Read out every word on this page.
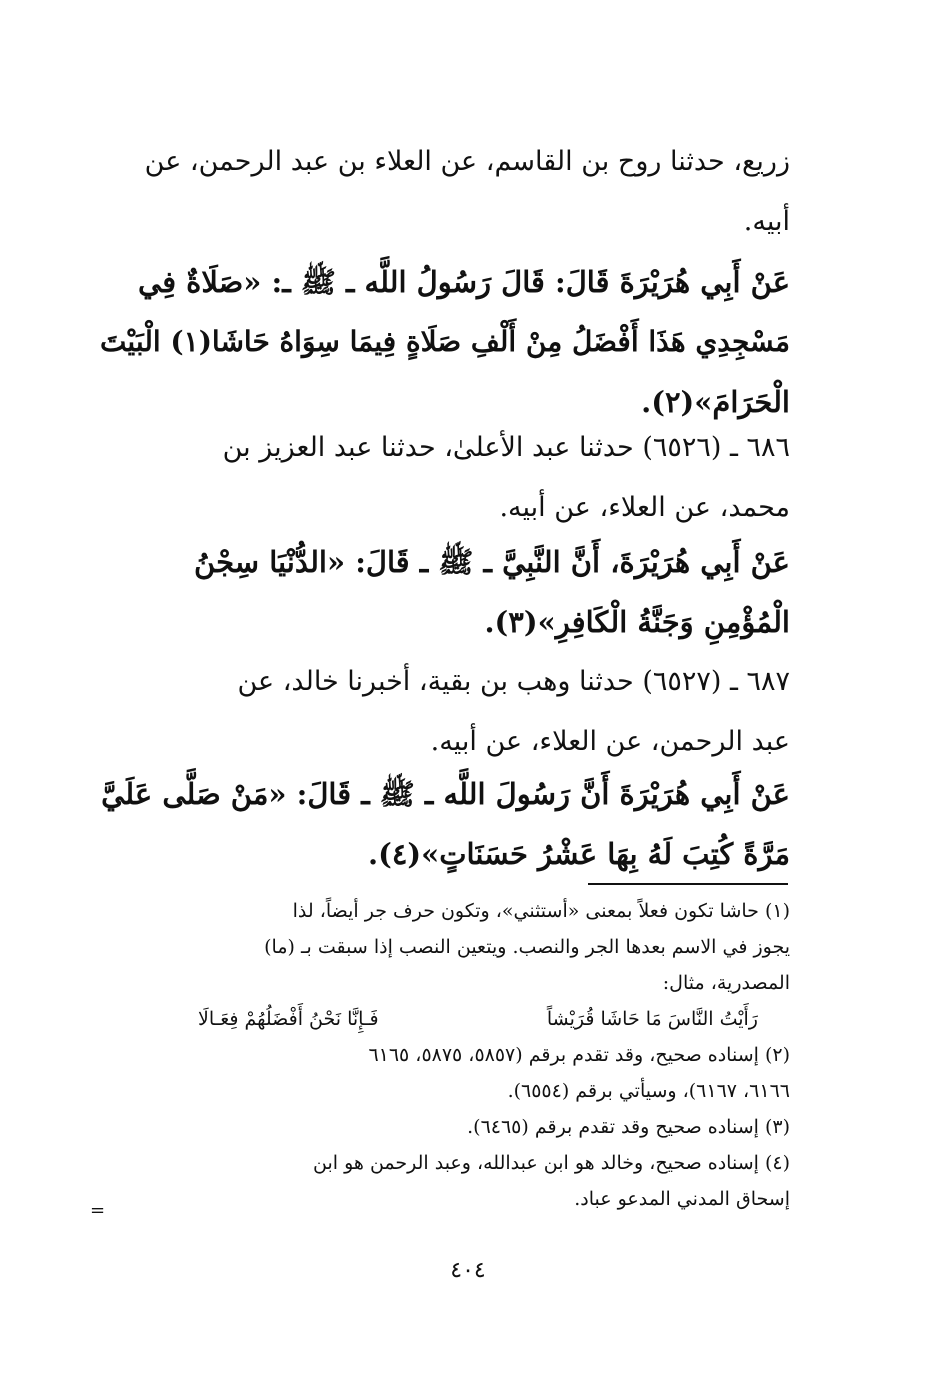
زريع، حدثنا روح بن القاسم، عن العلاء بن عبد الرحمن، عن
أبيه.
عَنْ أَبِي هُرَيْرَةَ قَالَ: قَالَ رَسُولُ اللَّه ـ ﷺ ـ: «صَلَاةٌ فِي
مَسْجِدِي هَذَا أَفْضَلُ مِنْ أَلْفِ صَلَاةٍ فِيمَا سِوَاهُ حَاشَا(١) الْبَيْتَ
الْحَرَامَ»(٢).
٦٨٦ ـ (٦٥٢٦) حدثنا عبد الأعلىٰ، حدثنا عبد العزيز بن
محمد، عن العلاء، عن أبيه.
عَنْ أَبِي هُرَيْرَةَ، أَنَّ النَّبِيَّ ـ ﷺ ـ قَالَ: «الدُّنْيَا سِجْنُ
الْمُؤْمِنِ وَجَنَّةُ الْكَافِرِ»(٣).
٦٨٧ ـ (٦٥٢٧) حدثنا وهب بن بقية، أخبرنا خالد، عن
عبد الرحمن، عن العلاء، عن أبيه.
عَنْ أَبِي هُرَيْرَةَ أَنَّ رَسُولَ اللَّه ـ ﷺ ـ قَالَ: «مَنْ صَلَّى عَلَيَّ
مَرَّةً كُتِبَ لَهُ بِهَا عَشْرُ حَسَنَاتٍ»(٤).
(١) حاشا تكون فعلاً بمعنى «أستثني»، وتكون حرف جر أيضاً، لذا
يجوز في الاسم بعدها الجر والنصب. ويتعين النصب إذا سبقت بـ (ما)
المصدرية، مثال:
رَأَيْتُ النَّاسَ مَا حَاشَا قُرَيْشاً
فَـإِنَّا نَحْنُ أَفْضَلُهُمْ فِعَـالَا
(٢) إسناده صحيح، وقد تقدم برقم (٥٨٥٧، ٥٨٧٥، ٦١٦٥
٦١٦٦، ٦١٦٧)، وسيأتي برقم (٦٥٥٤).
(٣) إسناده صحيح وقد تقدم برقم (٦٤٦٥).
(٤) إسناده صحيح، وخالد هو ابن عبدالله، وعبد الرحمن هو ابن
إسحاق المدني المدعو عباد.
=
٤٠٤
